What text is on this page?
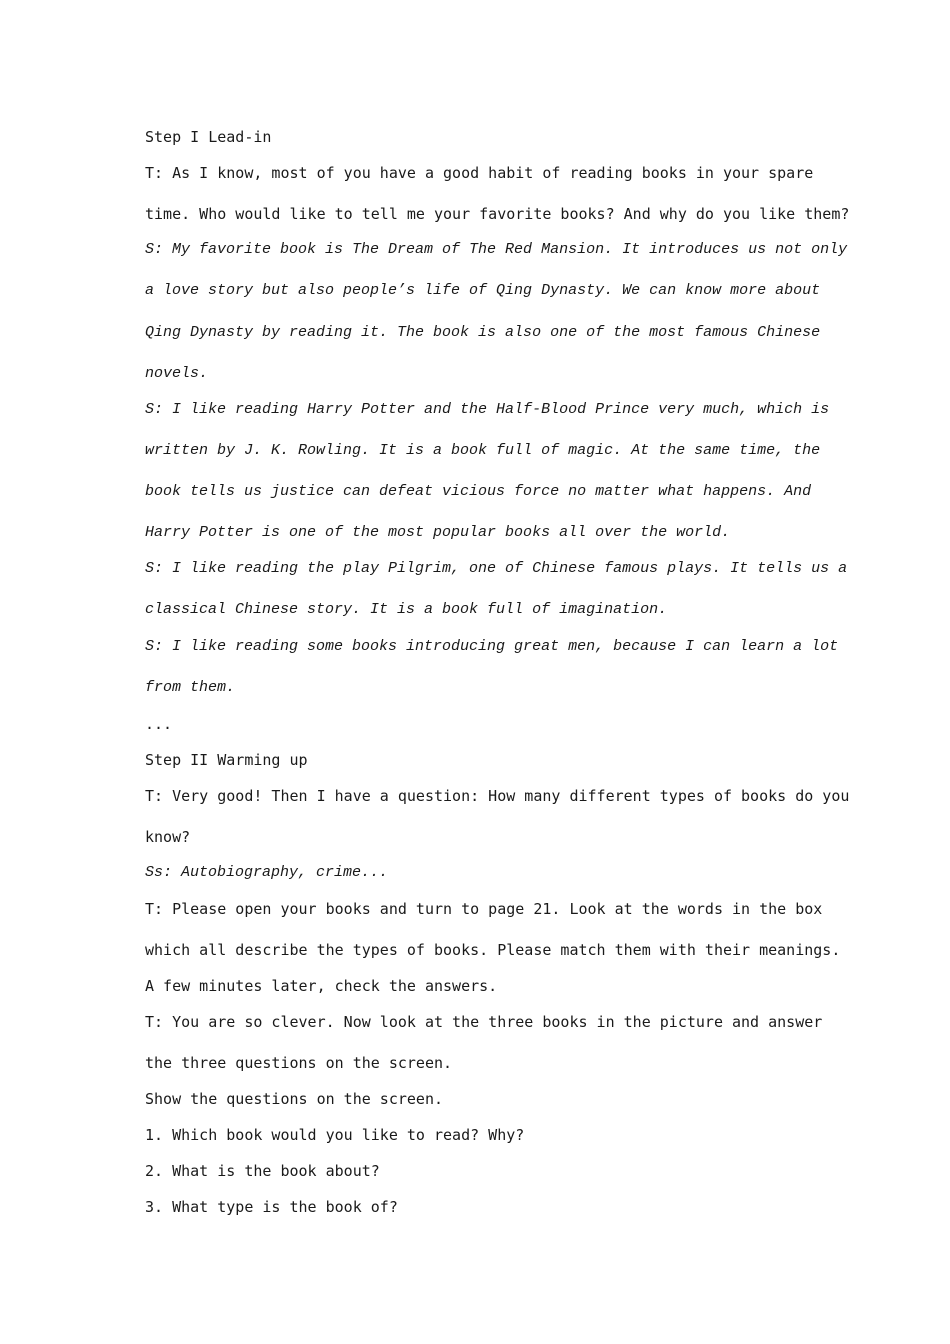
Step I Lead-in
T: As I know, most of you have a good habit of reading books in your spare
time. Who would like to tell me your favorite books? And why do you like them?
S: My favorite book is The Dream of The Red Mansion. It introduces us not only
a love story but also people’s life of Qing Dynasty. We can know more about
Qing Dynasty by reading it. The book is also one of the most famous Chinese
novels.
S: I like reading Harry Potter and the Half-Blood Prince very much, which is
written by J. K. Rowling. It is a book full of magic. At the same time, the
book tells us justice can defeat vicious force no matter what happens. And
Harry Potter is one of the most popular books all over the world.
S: I like reading the play Pilgrim, one of Chinese famous plays. It tells us a
classical Chinese story. It is a book full of imagination.
S: I like reading some books introducing great men, because I can learn a lot
from them.
...
Step II Warming up
T: Very good! Then I have a question: How many different types of books do you
know?
Ss: Autobiography, crime...
T: Please open your books and turn to page 21. Look at the words in the box
which all describe the types of books. Please match them with their meanings.
A few minutes later, check the answers.
T: You are so clever. Now look at the three books in the picture and answer
the three questions on the screen.
Show the questions on the screen.
1. Which book would you like to read? Why?
2. What is the book about?
3. What type is the book of?
